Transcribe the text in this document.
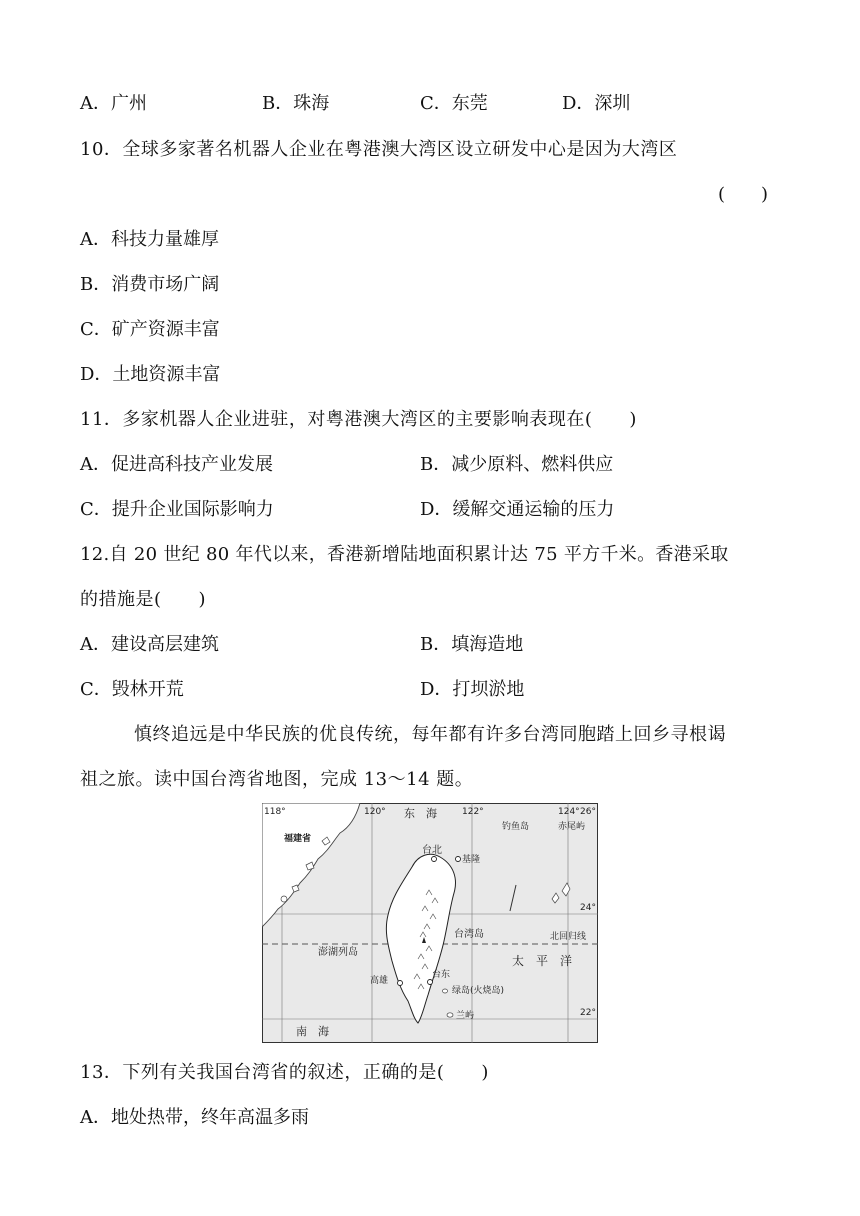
A．广州	B．珠海	C．东莞	D．深圳
10．全球多家著名机器人企业在粤港澳大湾区设立研发中心是因为大湾区
(　　)
A．科技力量雄厚
B．消费市场广阔
C．矿产资源丰富
D．土地资源丰富
11．多家机器人企业进驻，对粤港澳大湾区的主要影响表现在(　　)
A．促进高科技产业发展	B．减少原料、燃料供应
C．提升企业国际影响力	D．缓解交通运输的压力
12.自 20 世纪 80 年代以来，香港新增陆地面积累计达 75 平方千米。香港采取
的措施是(　　)
A．建设高层建筑	B．填海造地
C．毁林开荒	D．打坝淤地
慎终追远是中华民族的优良传统，每年都有许多台湾同胞踏上回乡寻根谒
祖之旅。读中国台湾省地图，完成 13～14 题。
118°	120°	122°	124° 26°
24°
22°
东　海
南　海
太　平　洋
福建省
钓鱼岛	赤尾屿
台北
基隆
台湾岛
澎湖列岛
北回归线
高雄
台东
绿岛(火烧岛)
兰屿
13．下列有关我国台湾省的叙述，正确的是(　　)
A．地处热带，终年高温多雨
